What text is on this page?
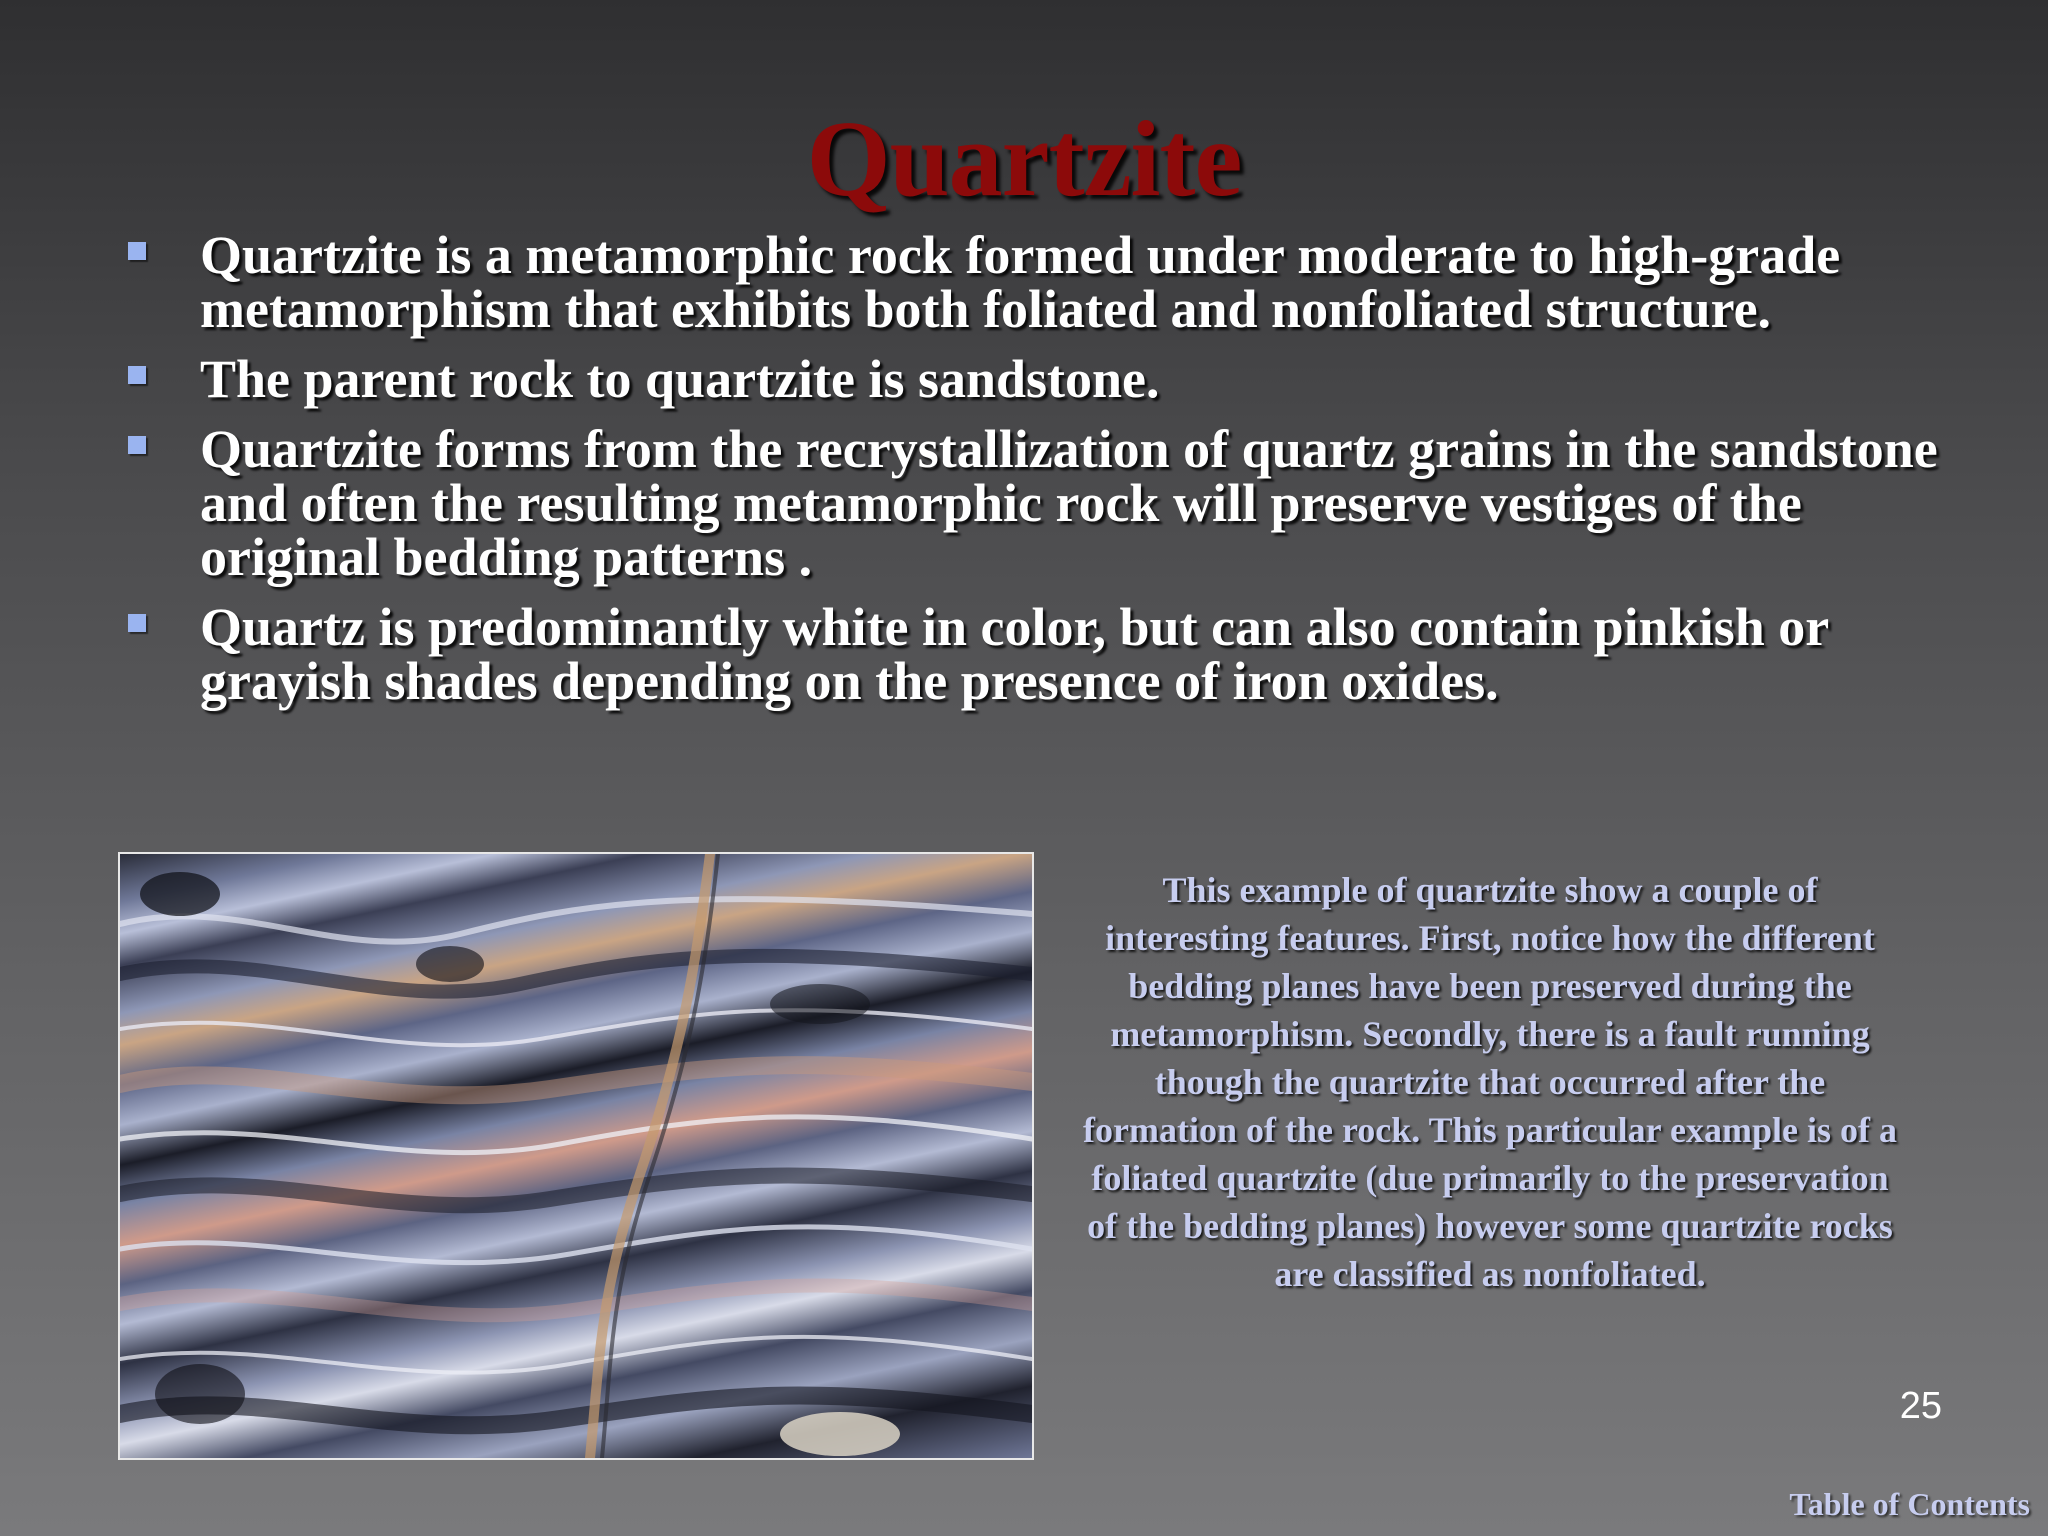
Quartzite
Quartzite is a metamorphic rock formed under moderate to high-grade metamorphism that exhibits both foliated and nonfoliated structure.
The parent rock to quartzite is sandstone.
Quartzite forms from the recrystallization of quartz grains in the sandstone and often the resulting metamorphic rock will preserve vestiges of the original bedding patterns .
Quartz is predominantly white in color, but can also contain pinkish or grayish shades depending on the presence of iron oxides.
This example of quartzite show a couple of interesting features. First, notice how the different bedding planes have been preserved during the metamorphism. Secondly, there is a fault running though the quartzite that occurred after the formation of the rock. This particular example is of a foliated quartzite (due primarily to the preservation of the bedding planes) however some quartzite rocks are classified as nonfoliated.
25
Table of Contents
